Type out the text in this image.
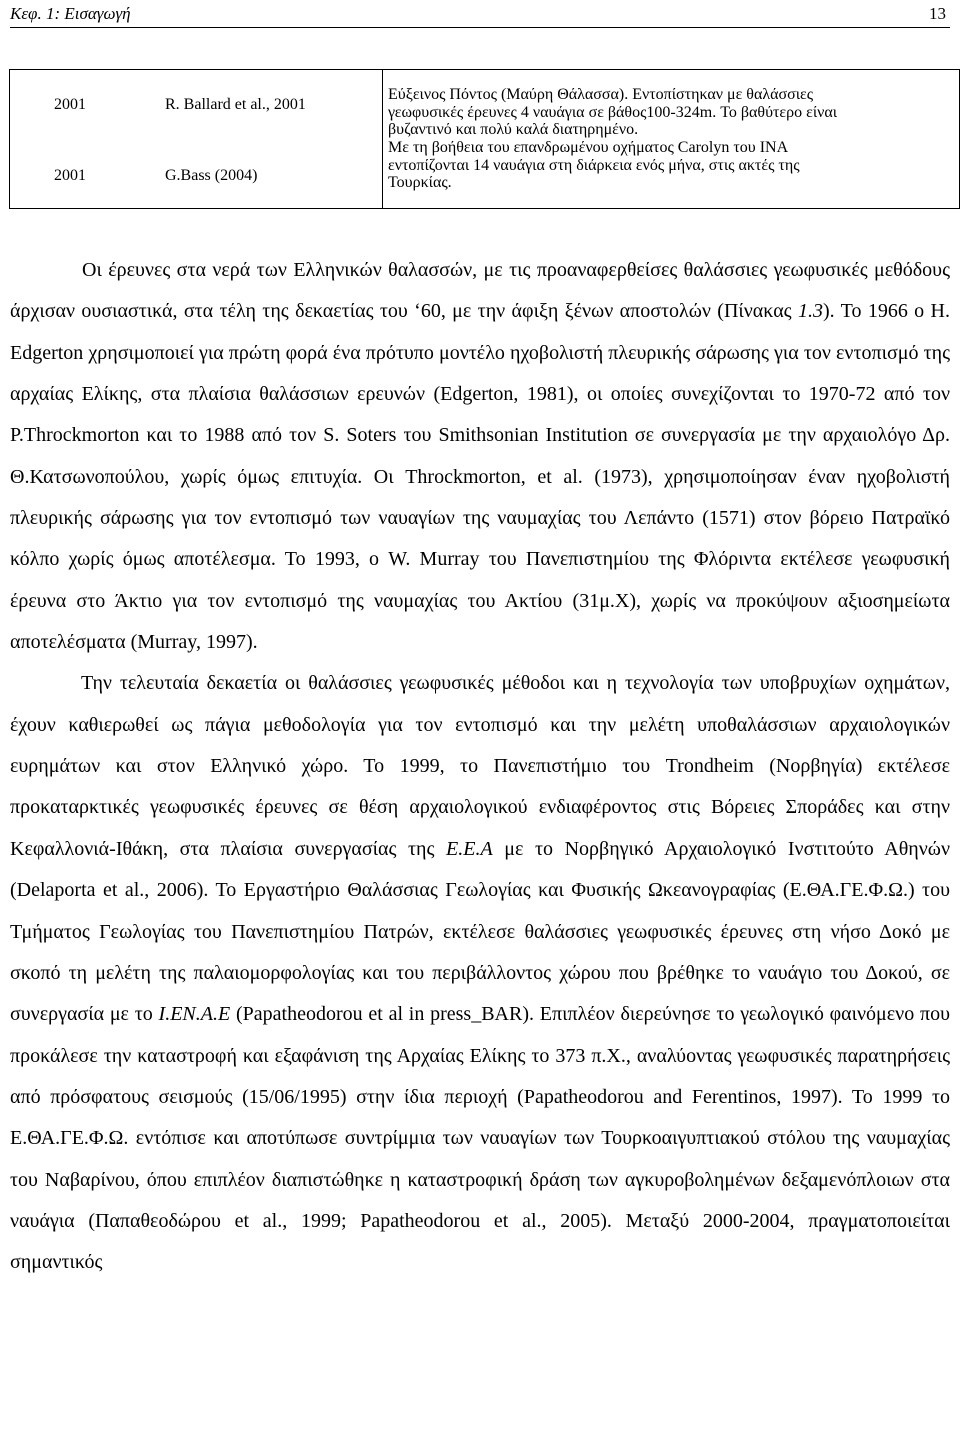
Κεφ. 1: Εισαγωγή	13
2001	R. Ballard et al., 2001
2001	G.Bass (2004)

Εύξεινος Πόντος (Μαύρη Θάλασσα). Εντοπίστηκαν με θαλάσσιες
γεωφυσικές έρευνες 4 ναυάγια σε βάθος100-324m. Το βαθύτερο είναι
βυζαντινό και πολύ καλά διατηρημένο.
Με τη βοήθεια του επανδρωμένου οχήματος Carolyn του INA
εντοπίζονται 14 ναυάγια στη διάρκεια ενός μήνα, στις ακτές της
Τουρκίας.

Οι έρευνες στα νερά των Ελληνικών θαλασσών, με τις προαναφερθείσες θαλάσσιες γεωφυσικές μεθόδους άρχισαν ουσιαστικά, στα τέλη της δεκαετίας του ‘60, με την άφιξη ξένων αποστολών (Πίνακας 1.3). Το 1966 ο H. Edgerton χρησιμοποιεί για πρώτη φορά ένα πρότυπο μοντέλο ηχοβολιστή πλευρικής σάρωσης για τον εντοπισμό της αρχαίας Ελίκης, στα πλαίσια θαλάσσιων ερευνών (Edgerton, 1981), οι οποίες συνεχίζονται το 1970-72 από τον P.Throckmorton και το 1988 από τον S. Soters του Smithsonian Institution σε συνεργασία με την αρχαιολόγο Δρ. Θ.Κατσωνοπούλου, χωρίς όμως επιτυχία. Οι Throckmorton, et al. (1973), χρησιμοποίησαν έναν ηχοβολιστή πλευρικής σάρωσης για τον εντοπισμό των ναυαγίων της ναυμαχίας του Λεπάντο (1571) στον βόρειο Πατραϊκό κόλπο χωρίς όμως αποτέλεσμα. Το 1993, ο W. Murray του Πανεπιστημίου της Φλόριντα εκτέλεσε γεωφυσική έρευνα στο Άκτιο για τον εντοπισμό της ναυμαχίας του Ακτίου (31μ.Χ), χωρίς να προκύψουν αξιοσημείωτα αποτελέσματα (Murray, 1997).

Την τελευταία δεκαετία οι θαλάσσιες γεωφυσικές μέθοδοι και η τεχνολογία των υποβρυχίων οχημάτων, έχουν καθιερωθεί ως πάγια μεθοδολογία για τον εντοπισμό και την μελέτη υποθαλάσσιων αρχαιολογικών ευρημάτων και στον Ελληνικό χώρο. Το 1999, το Πανεπιστήμιο του Trondheim (Νορβηγία) εκτέλεσε προκαταρκτικές γεωφυσικές έρευνες σε θέση αρχαιολογικού ενδιαφέροντος στις Βόρειες Σποράδες και στην Κεφαλλονιά-Ιθάκη, στα πλαίσια συνεργασίας της Ε.Ε.Α με το Νορβηγικό Αρχαιολογικό Ινστιτούτο Αθηνών (Delaporta et al., 2006). Το Εργαστήριο Θαλάσσιας Γεωλογίας και Φυσικής Ωκεανογραφίας (Ε.ΘΑ.ΓΕ.Φ.Ω.) του Τμήματος Γεωλογίας του Πανεπιστημίου Πατρών, εκτέλεσε θαλάσσιες γεωφυσικές έρευνες στη νήσο Δοκό με σκοπό τη μελέτη της παλαιομορφολογίας και του περιβάλλοντος χώρου που βρέθηκε το ναυάγιο του Δοκού, σε συνεργασία με το Ι.ΕΝ.Α.Ε (Papatheodorou et al in press_BAR). Επιπλέον διερεύνησε το γεωλογικό φαινόμενο που προκάλεσε την καταστροφή και εξαφάνιση της Αρχαίας Ελίκης το 373 π.Χ., αναλύοντας γεωφυσικές παρατηρήσεις από πρόσφατους σεισμούς (15/06/1995) στην ίδια περιοχή (Papatheodorou and Ferentinos, 1997). Το 1999 το Ε.ΘΑ.ΓΕ.Φ.Ω. εντόπισε και αποτύπωσε συντρίμμια των ναυαγίων των Τουρκοαιγυπτιακού στόλου της ναυμαχίας του Ναβαρίνου, όπου επιπλέον διαπιστώθηκε η καταστροφική δράση των αγκυροβολημένων δεξαμενόπλοιων στα ναυάγια (Παπαθεοδώρου et al., 1999; Papatheodorou et al., 2005). Μεταξύ 2000-2004, πραγματοποιείται σημαντικός
